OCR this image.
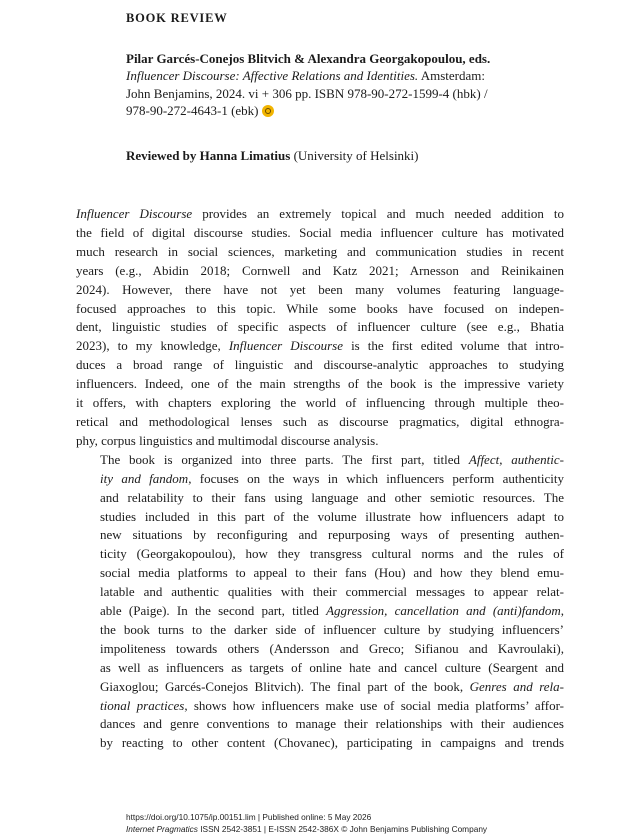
BOOK REVIEW
Pilar Garcés-Conejos Blitvich & Alexandra Georgakopoulou, eds.
Influencer Discourse: Affective Relations and Identities. Amsterdam:
John Benjamins, 2024. vi + 306 pp. ISBN 978-90-272-1599-4 (hbk) /
978-90-272-4643-1 (ebk)
Reviewed by Hanna Limatius (University of Helsinki)

Influencer Discourse provides an extremely topical and much needed addition to
the field of digital discourse studies. Social media influencer culture has motivated
much research in social sciences, marketing and communication studies in recent
years (e.g., Abidin 2018; Cornwell and Katz 2021; Arnesson and Reinikainen
2024). However, there have not yet been many volumes featuring language-
focused approaches to this topic. While some books have focused on indepen-
dent, linguistic studies of specific aspects of influencer culture (see e.g., Bhatia
2023), to my knowledge, Influencer Discourse is the first edited volume that intro-
duces a broad range of linguistic and discourse-analytic approaches to studying
influencers. Indeed, one of the main strengths of the book is the impressive variety
it offers, with chapters exploring the world of influencing through multiple theo-
retical and methodological lenses such as discourse pragmatics, digital ethnogra-
phy, corpus linguistics and multimodal discourse analysis.

The book is organized into three parts. The first part, titled Affect, authentic-
ity and fandom, focuses on the ways in which influencers perform authenticity
and relatability to their fans using language and other semiotic resources. The
studies included in this part of the volume illustrate how influencers adapt to
new situations by reconfiguring and repurposing ways of presenting authen-
ticity (Georgakopoulou), how they transgress cultural norms and the rules of
social media platforms to appeal to their fans (Hou) and how they blend emu-
latable and authentic qualities with their commercial messages to appear relat-
able (Paige). In the second part, titled Aggression, cancellation and (anti)fandom,
the book turns to the darker side of influencer culture by studying influencers’
impoliteness towards others (Andersson and Greco; Sifianou and Kavroulaki),
as well as influencers as targets of online hate and cancel culture (Seargent and
Giaxoglou; Garcés-Conejos Blitvich). The final part of the book, Genres and rela-
tional practices, shows how influencers make use of social media platforms’ affor-
dances and genre conventions to manage their relationships with their audiences
by reacting to other content (Chovanec), participating in campaigns and trends

https://doi.org/10.1075/ip.00151.lim | Published online: 5 May 2026
Internet Pragmatics ISSN 2542-3851 | E-ISSN 2542-386X © John Benjamins Publishing Company
